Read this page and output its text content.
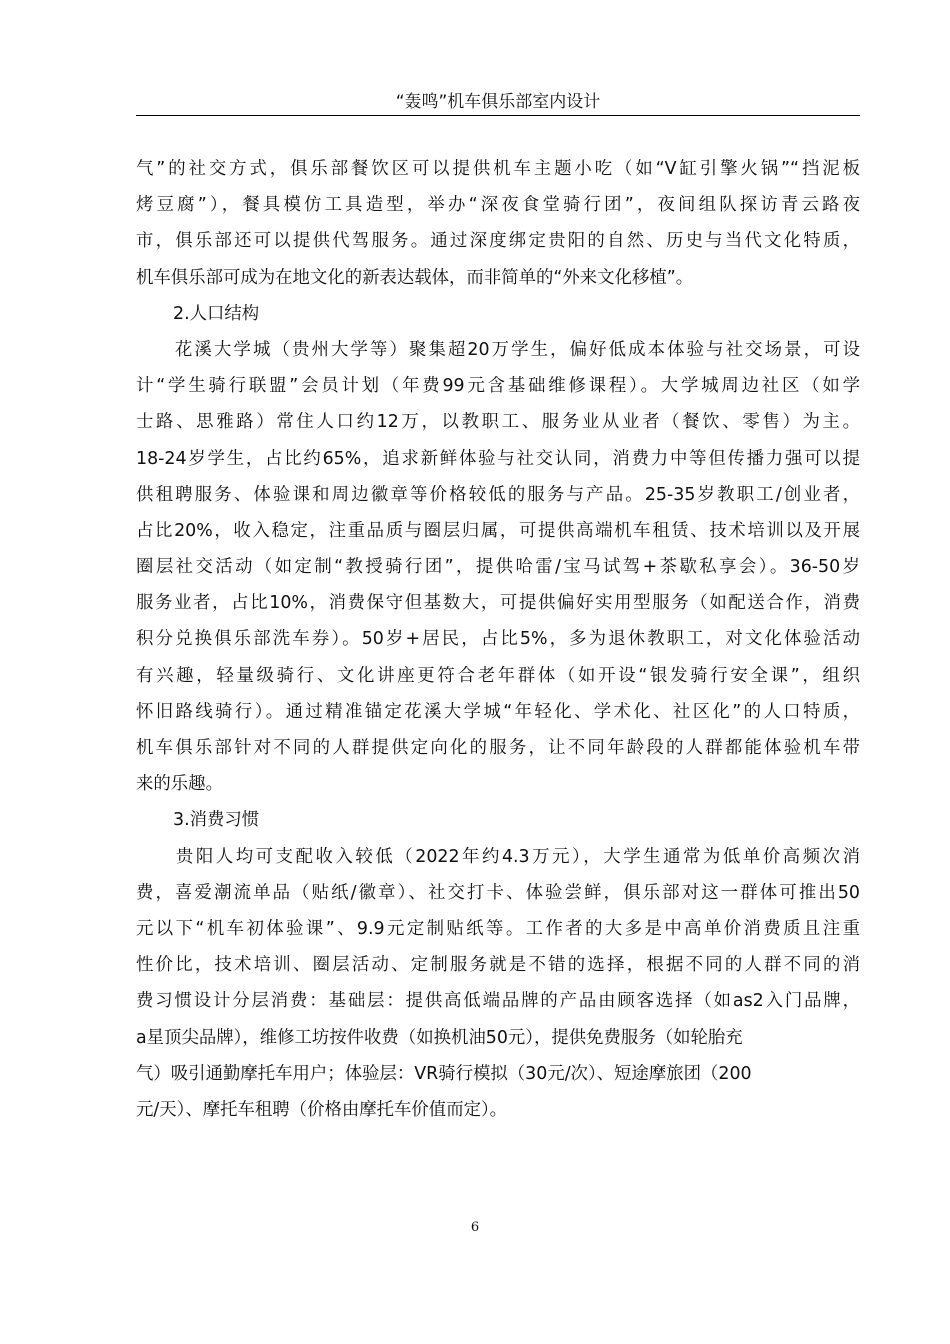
“轰鸣”机车俱乐部室内设计
气”的社交方式，俱乐部餐饮区可以提供机车主题小吃（如“V缸引擎火锅”“挡泥板
烤豆腐”），餐具模仿工具造型，举办“深夜食堂骑行团”，夜间组队探访青云路夜
市，俱乐部还可以提供代驾服务。通过深度绑定贵阳的自然、历史与当代文化特质，
机车俱乐部可成为在地文化的新表达载体，而非简单的“外来文化移植”。
2.人口结构
　　花溪大学城（贵州大学等）聚集超20万学生，偏好低成本体验与社交场景，可设
计“学生骑行联盟”会员计划（年费99元含基础维修课程）。大学城周边社区（如学
士路、思雅路）常住人口约12万，以教职工、服务业从业者（餐饮、零售）为主。
18-24岁学生，占比约65%，追求新鲜体验与社交认同，消费力中等但传播力强可以提
供租聘服务、体验课和周边徽章等价格较低的服务与产品。25-35岁教职工/创业者，
占比20%，收入稳定，注重品质与圈层归属，可提供高端机车租赁、技术培训以及开展
圈层社交活动（如定制“教授骑行团”，提供哈雷/宝马试驾+茶歇私享会）。36-50岁
服务业者，占比10%，消费保守但基数大，可提供偏好实用型服务（如配送合作，消费
积分兑换俱乐部洗车券）。50岁+居民，占比5%，多为退休教职工，对文化体验活动
有兴趣，轻量级骑行、文化讲座更符合老年群体（如开设“银发骑行安全课”，组织
怀旧路线骑行）。通过精准锚定花溪大学城“年轻化、学术化、社区化”的人口特质，
机车俱乐部针对不同的人群提供定向化的服务，让不同年龄段的人群都能体验机车带
来的乐趣。
3.消费习惯
　　贵阳人均可支配收入较低（2022年约4.3万元），大学生通常为低单价高频次消
费，喜爱潮流单品（贴纸/徽章）、社交打卡、体验尝鲜，俱乐部对这一群体可推出50
元以下“机车初体验课”、9.9元定制贴纸等。工作者的大多是中高单价消费质且注重
性价比，技术培训、圈层活动、定制服务就是不错的选择，根据不同的人群不同的消
费习惯设计分层消费：基础层：提供高低端品牌的产品由顾客选择（如as2入门品牌，
a星顶尖品牌），维修工坊按件收费（如换机油50元），提供免费服务（如轮胎充
气）吸引通勤摩托车用户；体验层：VR骑行模拟（30元/次）、短途摩旅团（200
元/天）、摩托车租聘（价格由摩托车价值而定）。
6
